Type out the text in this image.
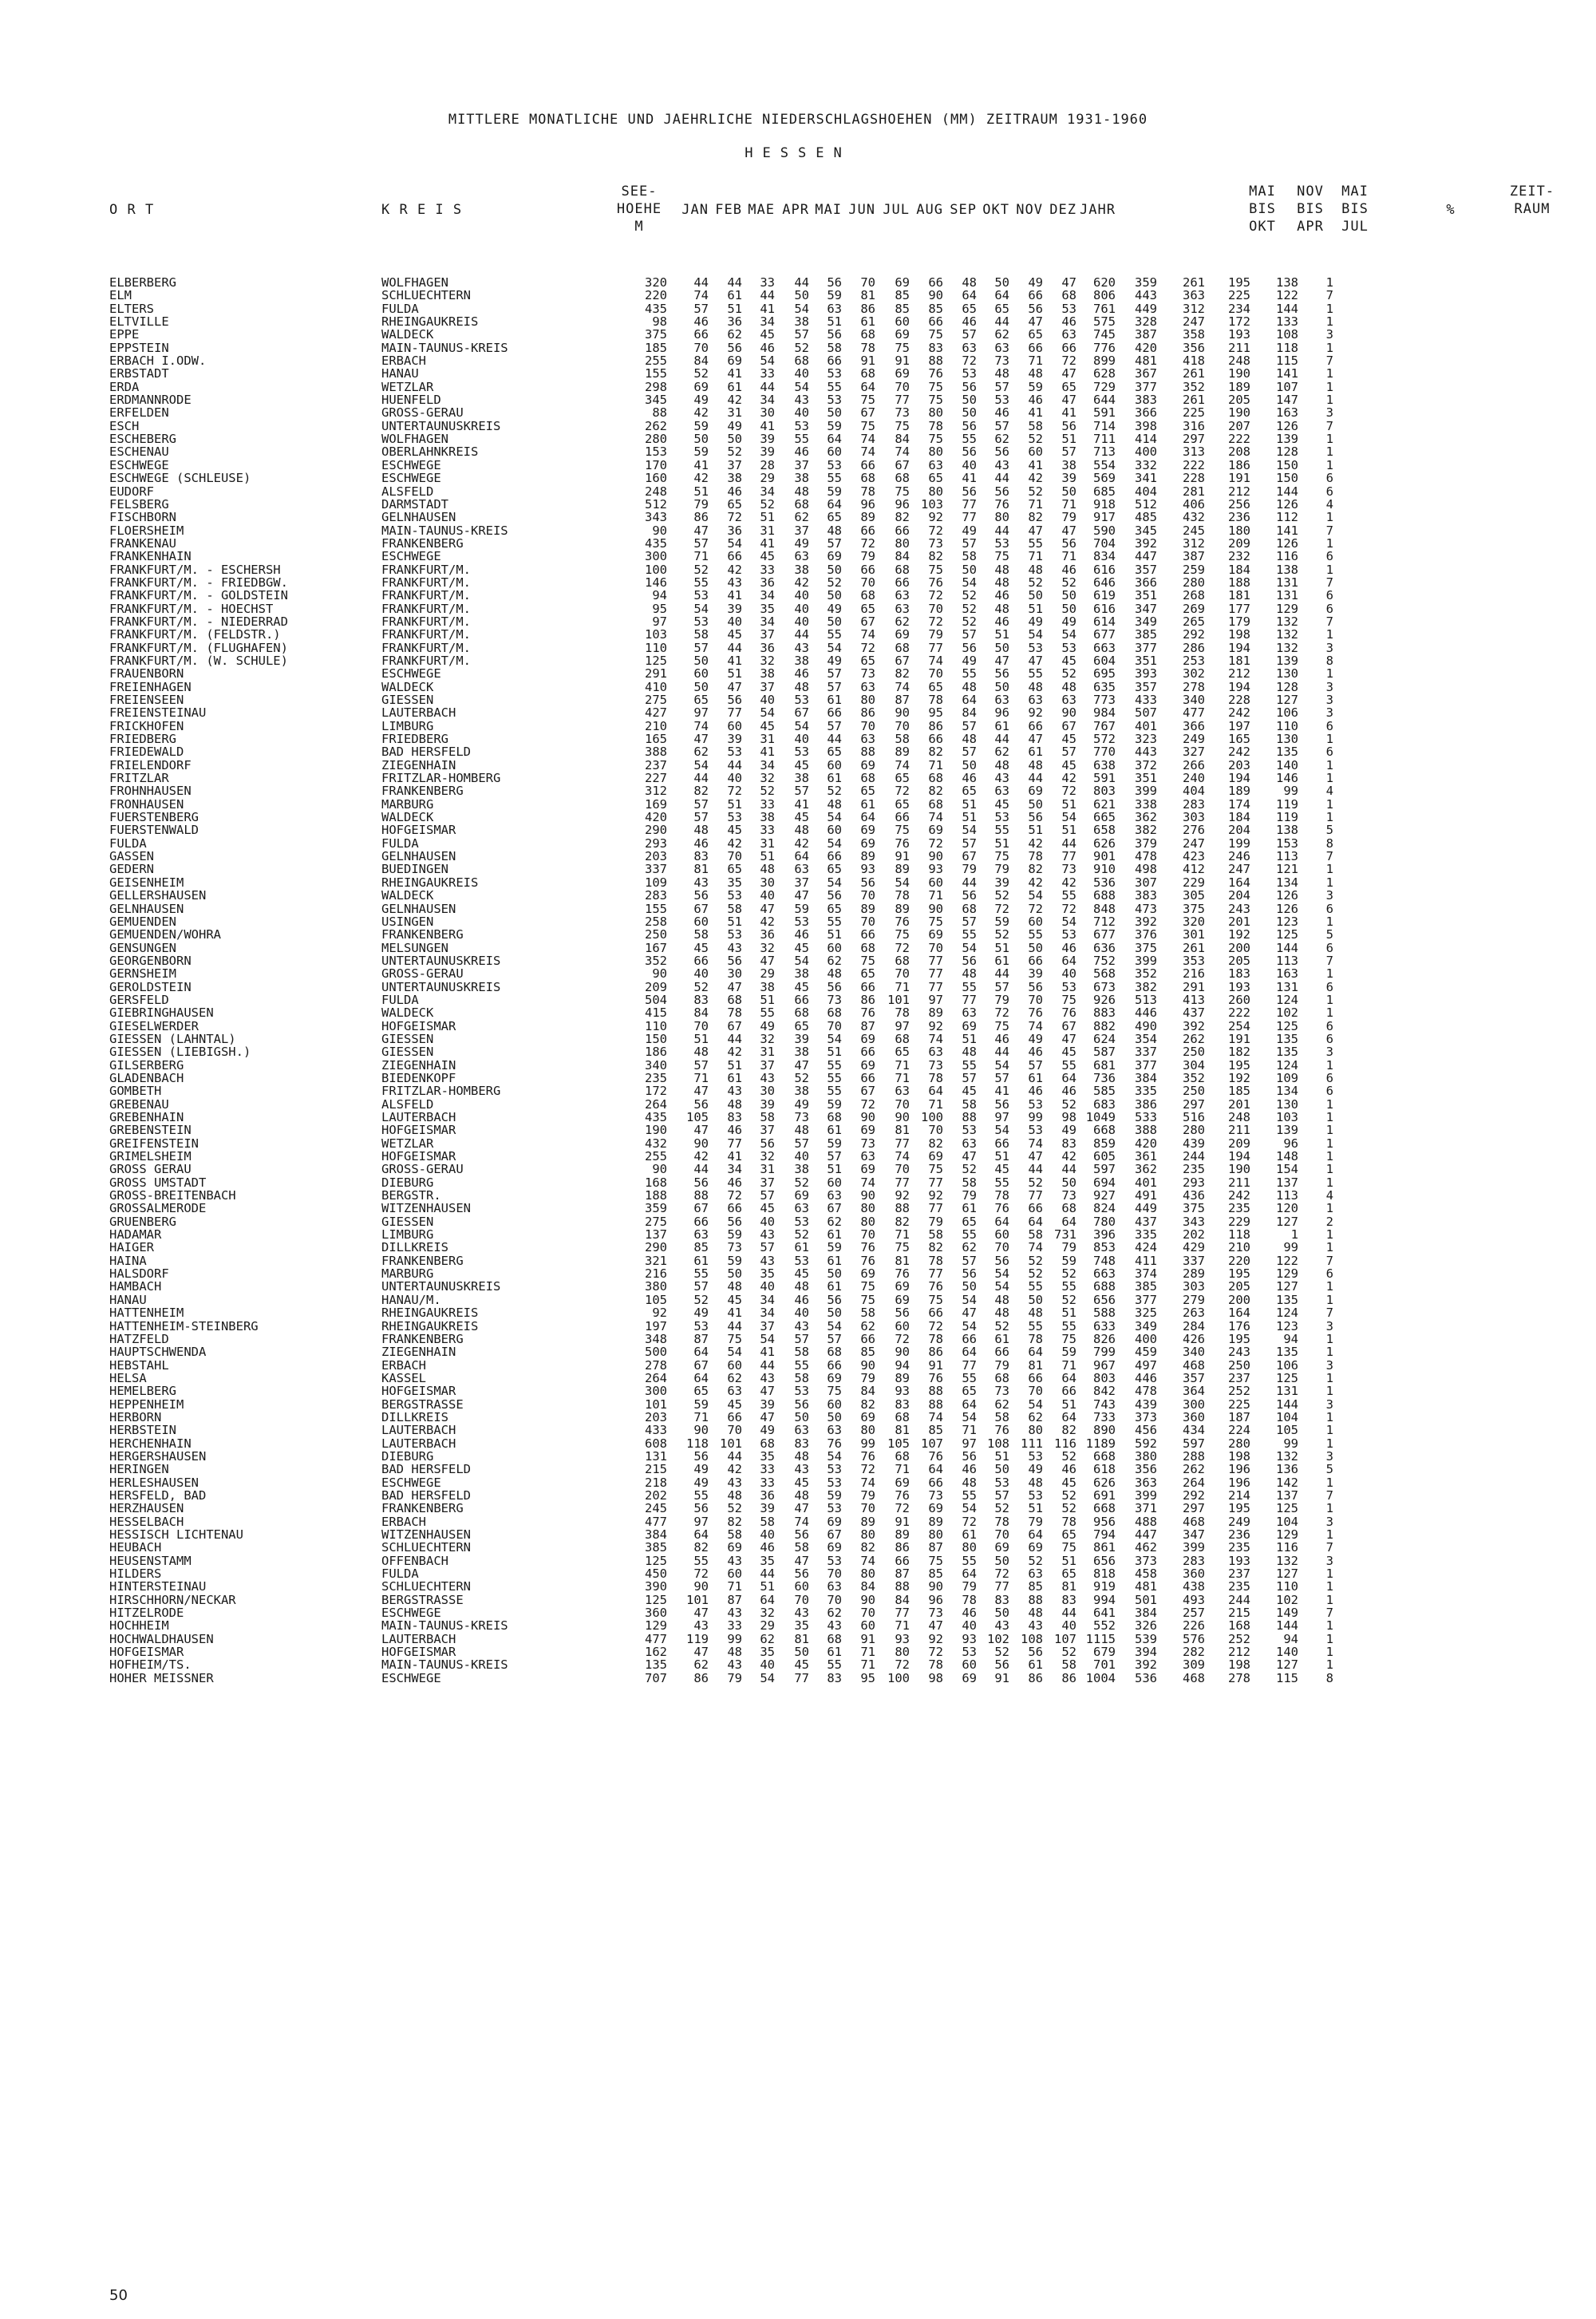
MITTLERE MONATLICHE UND JAEHRLICHE NIEDERSCHLAGSHOEHEN (MM) ZEITRAUM 1931-1960
HESSEN
O R T	K R E I S
SEE-
HOEHE
M
JAN FEB MAE APR MAI JUN JUL AUG SEP OKT NOV DEZ JAHR
MAI
BIS
OKT
NOV
BIS
APR
MAI
BIS
JUL
%
ZEIT-
RAUM
ELBERBERG	WOLFHAGEN	320 44 44 33 44 56 70 69 66 48 50 49 47 620 359 261 195 138 1
ELM	SCHLUECHTERN	220 74 61 44 50 59 81 85 90 64 64 66 68 806 443 363 225 122 7
ELTERS	FULDA	435 57 51 41 54 63 86 85 85 65 65 56 53 761 449 312 234 144 1
ELTVILLE	RHEINGAUKREIS	98 46 36 34 38 51 61 60 66 46 44 47 46 575 328 247 172 133 1
EPPE	WALDECK	375 66 62 45 57 56 68 69 75 57 62 65 63 745 387 358 193 108 3
EPPSTEIN	MAIN-TAUNUS-KREIS	185 70 56 46 52 58 78 75 83 63 63 66 66 776 420 356 211 118 1
ERBACH I.ODW.	ERBACH	255 84 69 54 68 66 91 91 88 72 73 71 72 899 481 418 248 115 7
ERBSTADT	HANAU	155 52 41 33 40 53 68 69 76 53 48 48 47 628 367 261 190 141 1
ERDA	WETZLAR	298 69 61 44 54 55 64 70 75 56 57 59 65 729 377 352 189 107 1
ERDMANNRODE	HUENFELD	345 49 42 34 43 53 75 77 75 50 53 46 47 644 383 261 205 147 1
ERFELDEN	GROSS-GERAU	88 42 31 30 40 50 67 73 80 50 46 41 41 591 366 225 190 163 3
ESCH	UNTERTAUNUSKREIS	262 59 49 41 53 59 75 75 78 56 57 58 56 714 398 316 207 126 7
ESCHEBERG	WOLFHAGEN	280 50 50 39 55 64 74 84 75 55 62 52 51 711 414 297 222 139 1
ESCHENAU	OBERLAHNKREIS	153 59 52 39 46 60 74 74 80 56 56 60 57 713 400 313 208 128 1
ESCHWEGE	ESCHWEGE	170 41 37 28 37 53 66 67 63 40 43 41 38 554 332 222 186 150 1
ESCHWEGE (SCHLEUSE)	ESCHWEGE	160 42 38 29 38 55 68 68 65 41 44 42 39 569 341 228 191 150 6
EUDORF	ALSFELD	248 51 46 34 48 59 78 75 80 56 56 52 50 685 404 281 212 144 6
FELSBERG	DARMSTADT	512 79 65 52 68 64 96 96 103 77 76 71 71 918 512 406 256 126 4
FISCHBORN	GELNHAUSEN	343 86 72 51 62 65 89 82 92 77 80 82 79 917 485 432 236 112 1
FLOERSHEIM	MAIN-TAUNUS-KREIS	90 47 36 31 37 48 66 66 72 49 44 47 47 590 345 245 180 141 7
FRANKENAU	FRANKENBERG	435 57 54 41 49 57 72 80 73 57 53 55 56 704 392 312 209 126 1
FRANKENHAIN	ESCHWEGE	300 71 66 45 63 69 79 84 82 58 75 71 71 834 447 387 232 116 6
FRANKFURT/M. - ESCHERSH	FRANKFURT/M.	100 52 42 33 38 50 66 68 75 50 48 48 46 616 357 259 184 138 1
FRANKFURT/M. - FRIEDBGW.	FRANKFURT/M.	146 55 43 36 42 52 70 66 76 54 48 52 52 646 366 280 188 131 7
FRANKFURT/M. - GOLDSTEIN	FRANKFURT/M.	94 53 41 34 40 50 68 63 72 52 46 50 50 619 351 268 181 131 6
FRANKFURT/M. - HOECHST	FRANKFURT/M.	95 54 39 35 40 49 65 63 70 52 48 51 50 616 347 269 177 129 6
FRANKFURT/M. - NIEDERRAD	FRANKFURT/M.	97 53 40 34 40 50 67 62 72 52 46 49 49 614 349 265 179 132 7
FRANKFURT/M. (FELDSTR.)	FRANKFURT/M.	103 58 45 37 44 55 74 69 79 57 51 54 54 677 385 292 198 132 1
FRANKFURT/M. (FLUGHAFEN)	FRANKFURT/M.	110 57 44 36 43 54 72 68 77 56 50 53 53 663 377 286 194 132 3
FRANKFURT/M. (W. SCHULE)	FRANKFURT/M.	125 50 41 32 38 49 65 67 74 49 47 47 45 604 351 253 181 139 8
FRAUENBORN	ESCHWEGE	291 60 51 38 46 57 73 82 70 55 56 55 52 695 393 302 212 130 1
FREIENHAGEN	WALDECK	410 50 47 37 48 57 63 74 65 48 50 48 48 635 357 278 194 128 3
FREIENSEEN	GIESSEN	275 65 56 40 53 61 80 87 78 64 63 63 63 773 433 340 228 127 3
FREIENSTEINAU	LAUTERBACH	427 97 77 54 67 66 86 90 95 84 96 92 90 984 507 477 242 106 3
FRICKHOFEN	LIMBURG	210 74 60 45 54 57 70 70 86 57 61 66 67 767 401 366 197 110 6
FRIEDBERG	FRIEDBERG	165 47 39 31 40 44 63 58 66 48 44 47 45 572 323 249 165 130 1
FRIEDEWALD	BAD HERSFELD	388 62 53 41 53 65 88 89 82 57 62 61 57 770 443 327 242 135 6
FRIELENDORF	ZIEGENHAIN	237 54 44 34 45 60 69 74 71 50 48 48 45 638 372 266 203 140 1
FRITZLAR	FRITZLAR-HOMBERG	227 44 40 32 38 61 68 65 68 46 43 44 42 591 351 240 194 146 1
FROHNHAUSEN	FRANKENBERG	312 82 72 52 57 52 65 72 82 65 63 69 72 803 399 404 189	99 4
FRONHAUSEN	MARBURG	169 57 51 33 41 48 61 65 68 51 45 50 51 621 338 283 174 119 1
FUERSTENBERG	WALDECK	420 57 53 38 45 54 64 66 74 51 53 56 54 665 362 303 184 119 1
FUERSTENWALD	HOFGEISMAR	290 48 45 33 48 60 69 75 69 54 55 51 51 658 382 276 204 138 5
FULDA	FULDA	293 46 42 31 42 54 69 76 72 57 51 42 44 626 379 247 199 153 8
GASSEN	GELNHAUSEN	203 83 70 51 64 66 89 91 90 67 75 78 77 901 478 423 246 113 7
GEDERN	BUEDINGEN	337 81 65 48 63 65 93 89 93 79 79 82 73 910 498 412 247 121 1
GEISENHEIM	RHEINGAUKREIS	109 43 35 30 37 54 56 54 60 44 39 42 42 536 307 229 164 134 1
GELLERSHAUSEN	WALDECK	283 56 53 40 47 56 70 78 71 56 52 54 55 688 383 305 204 126 3
GELNHAUSEN	GELNHAUSEN	155 67 58 47 59 65 89 89 90 68 72 72 72 848 473 375 243 126 6
GEMUENDEN	USINGEN	258 60 51 42 53 55 70 76 75 57 59 60 54 712 392 320 201 123 1
GEMUENDEN/WOHRA	FRANKENBERG	250 58 53 36 46 51 66 75 69 55 52 55 53 677 376 301 192 125 5
GENSUNGEN	MELSUNGEN	167 45 43 32 45 60 68 72 70 54 51 50 46 636 375 261 200 144 6
GEORGENBORN	UNTERTAUNUSKREIS	352 66 56 47 54 62 75 68 77 56 61 66 64 752 399 353 205 113 7
GERNSHEIM	GROSS-GERAU	90 40 30 29 38 48 65 70 77 48 44 39 40 568 352 216 183 163 1
GEROLDSTEIN	UNTERTAUNUSKREIS	209 52 47 38 45 56 66 71 77 55 57 56 53 673 382 291 193 131 6
GERSFELD	FULDA	504 83 68 51 66 73 86 101 97 77 79 70 75 926 513 413 260 124 1
GIEBRINGHAUSEN	WALDECK	415 84 78 55 68 68 76 78 89 63 72 76 76 883 446 437 222 102 1
GIESELWERDER	HOFGEISMAR	110 70 67 49 65 70 87 97 92 69 75 74 67 882 490 392 254 125 6
GIESSEN (LAHNTAL)	GIESSEN	150 51 44 32 39 54 69 68 74 51 46 49 47 624 354 262 191 135 6
GIESSEN (LIEBIGSH.)	GIESSEN	186 48 42 31 38 51 66 65 63 48 44 46 45 587 337 250 182 135 3
GILSERBERG	ZIEGENHAIN	340 57 51 37 47 55 69 71 73 55 54 57 55 681 377 304 195 124 1
GLADENBACH	BIEDENKOPF	235 71 61 43 52 55 66 71 78 57 57 61 64 736 384 352 192 109 6
GOMBETH	FRITZLAR-HOMBERG	172 47 43 30 38 55 67 63 64 45 41 46 46 585 335 250 185 134 6
GREBENAU	ALSFELD	264 56 48 39 49 59 72 70 71 58 56 53 52 683 386 297 201 130 1
GREBENHAIN	LAUTERBACH	435 105 83 58 73 68 90 90 100 88 97 99 98 1049 533 516 248 103 1
GREBENSTEIN	HOFGEISMAR	190 47 46 37 48 61 69 81 70 53 54 53 49 668 388 280 211 139 1
GREIFENSTEIN	WETZLAR	432 90 77 56 57 59 73 77 82 63 66 74 83 859 420 439 209	96 1
GRIMELSHEIM	HOFGEISMAR	255 42 41 32 40 57 63 74 69 47 51 47 42 605 361 244 194 148 1
GROSS GERAU	GROSS-GERAU	90 44 34 31 38 51 69 70 75 52 45 44 44 597 362 235 190 154 1
GROSS UMSTADT	DIEBURG	168 56 46 37 52 60 74 77 77 58 55 52 50 694 401 293 211 137 1
GROSS-BREITENBACH	BERGSTR.	188 88 72 57 69 63 90 92 92 79 78 77 73 927 491 436 242 113 4
GROSSALMERODE	WITZENHAUSEN	359 67 66 45 63 67 80 88 77 61 76 66 68 824 449 375 235 120 1
GRUENBERG	GIESSEN	275 66 56 40 53 62 80 82 79 65 64 64 64 780 437 343 229 127 2
HADAMAR	LIMBURG	137 63 59 43 52 61 70 71 58 55 60 58 731 396 335 202 118	1 1
HAIGER	DILLKREIS	290 85 73 57 61 59 76 75 82 62 70 74 79 853 424 429 210	99 1
HAINA	FRANKENBERG	321 61 59 43 53 61 76 81 78 57 56 52 59 748 411 337 220 122 7
HALSDORF	MARBURG	216 55 50 35 45 50 69 76 77 56 54 52 52 663 374 289 195 129 6
HAMBACH	UNTERTAUNUSKREIS	380 57 48 40 48 61 75 69 76 50 54 55 55 688 385 303 205 127 1
HANAU	HANAU/M.	105 52 45 34 46 56 75 69 75 54 48 50 52 656 377 279 200 135 1
HATTENHEIM	RHEINGAUKREIS	92 49 41 34 40 50 58 56 66 47 48 48 51 588 325 263 164 124 7
HATTENHEIM-STEINBERG	RHEINGAUKREIS	197 53 44 37 43 54 62 60 72 54 52 55 55 633 349 284 176 123 3
HATZFELD	FRANKENBERG	348 87 75 54 57 57 66 72 78 66 61 78 75 826 400 426 195	94 1
HAUPTSCHWENDA	ZIEGENHAIN	500 64 54 41 58 68 85 90 86 64 66 64 59 799 459 340 243 135 1
HEBSTAHL	ERBACH	278 67 60 44 55 66 90 94 91 77 79 81 71 967 497 468 250 106 3
HELSA	KASSEL	264 64 62 43 58 69 79 89 76 55 68 66 64 803 446 357 237 125 1
HEMELBERG	HOFGEISMAR	300 65 63 47 53 75 84 93 88 65 73 70 66 842 478 364 252 131 1
HEPPENHEIM	BERGSTRASSE	101 59 45 39 56 60 82 83 88 64 62 54 51 743 439 300 225 144 3
HERBORN	DILLKREIS	203 71 66 47 50 50 69 68 74 54 58 62 64 733 373 360 187 104 1
HERBSTEIN	LAUTERBACH	433 90 70 49 63 63 80 81 85 71 76 80 82 890 456 434 224 105 1
HERCHENHAIN	LAUTERBACH	608 118 101 68 83 76 99 105 107 97 108 111 116 1189 592 597 280	99 1
HERGERSHAUSEN	DIEBURG	131 56 44 35 48 54 76 68 76 56 51 53 52 668 380 288 198 132 3
HERINGEN	BAD HERSFELD	215 49 42 33 43 53 72 71 64 46 50 49 46 618 356 262 196 136 5
HERLESHAUSEN	ESCHWEGE	218 49 43 33 45 53 74 69 66 48 53 48 45 626 363 264 196 142 1
HERSFELD, BAD	BAD HERSFELD	202 55 48 36 48 59 79 76 73 55 57 53 52 691 399 292 214 137 7
HERZHAUSEN	FRANKENBERG	245 56 52 39 47 53 70 72 69 54 52 51 52 668 371 297 195 125 1
HESSELBACH	ERBACH	477 97 82 58 74 69 89 91 89 72 78 79 78 956 488 468 249 104 3
HESSISCH LICHTENAU	WITZENHAUSEN	384 64 58 40 56 67 80 89 80 61 70 64 65 794 447 347 236 129 1
HEUBACH	SCHLUECHTERN	385 82 69 46 58 69 82 86 87 80 69 69 75 861 462 399 235 116 7
HEUSENSTAMM	OFFENBACH	125 55 43 35 47 53 74 66 75 55 50 52 51 656 373 283 193 132 3
HILDERS	FULDA	450 72 60 44 56 70 80 87 85 64 72 63 65 818 458 360 237 127 1
HINTERSTEINAU	SCHLUECHTERN	390 90 71 51 60 63 84 88 90 79 77 85 81 919 481 438 235 110 1
HIRSCHHORN/NECKAR	BERGSTRASSE	125 101 87 64 70 70 90 84 96 78 83 88 83 994 501 493 244 102 1
HITZELRODE	ESCHWEGE	360 47 43 32 43 62 70 77 73 46 50 48 44 641 384 257 215 149 7
HOCHHEIM	MAIN-TAUNUS-KREIS	129 43 33 29 35 43 60 71 47 40 43 43 40 552 326 226 168 144 1
HOCHWALDHAUSEN	LAUTERBACH	477 119 99 62 81 68 91 93 92 93 102 108 107 1115 539 576 252	94 1
HOFGEISMAR	HOFGEISMAR	162 47 48 35 50 61 71 80 72 53 52 56 52 679 394 282 212 140 1
HOFHEIM/TS.	MAIN-TAUNUS-KREIS	135 62 43 40 45 55 71 72 78 60 56 61 58 701 392 309 198 127 1
HOHER MEISSNER	ESCHWEGE	707 86 79 54 77 83 95 100 98 69 91 86 86 1004 536 468 278 115 8
50
